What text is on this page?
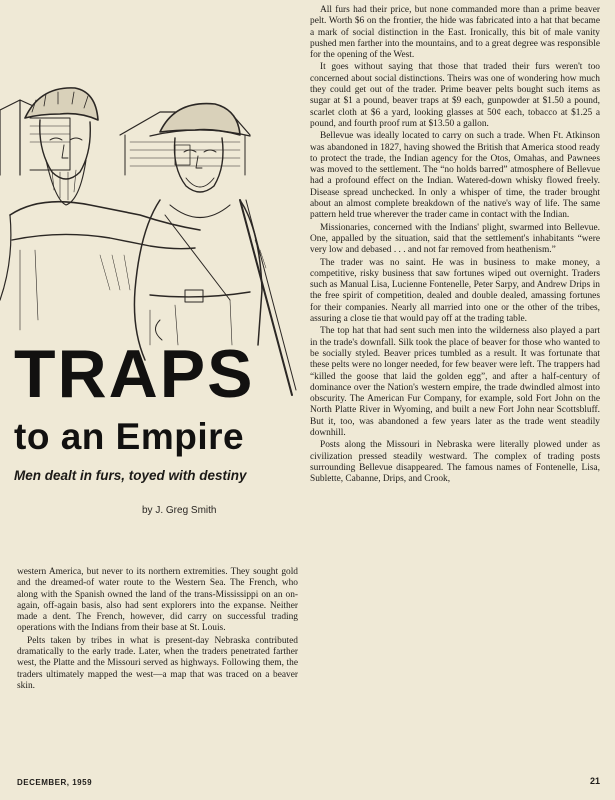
TRAPS
to an Empire

Men dealt in furs, toyed with destiny

by J. Greg Smith

western America, but never to its northern extremities. They sought gold and the dreamed-of water route to the Western Sea. The French, who along with the Spanish owned the land of the trans-Mississippi on an on-again, off-again basis, also had sent explorers into the expanse. Neither made a dent. The French, however, did carry on successful trading operations with the Indians from their base at St. Louis.

Pelts taken by tribes in what is present-day Nebraska contributed dramatically to the early trade. Later, when the traders penetrated farther west, the Platte and the Missouri served as highways. Following them, the traders ultimately mapped the west—a map that was traced on a beaver skin.

All furs had their price, but none commanded more than a prime beaver pelt. Worth $6 on the frontier, the hide was fabricated into a hat that became a mark of social distinction in the East. Ironically, this bit of male vanity pushed men farther into the mountains, and to a great degree was responsible for the opening of the West.

It goes without saying that those that traded their furs weren't too concerned about social distinctions. Theirs was one of wondering how much they could get out of the trader. Prime beaver pelts bought such items as sugar at $1 a pound, beaver traps at $9 each, gunpowder at $1.50 a pound, scarlet cloth at $6 a yard, looking glasses at 50¢ each, tobacco at $1.25 a pound, and fourth proof rum at $13.50 a gallon.

Bellevue was ideally located to carry on such a trade. When Ft. Atkinson was abandoned in 1827, having showed the British that America stood ready to protect the trade, the Indian agency for the Otos, Omahas, and Pawnees was moved to the settlement. The “no holds barred” atmosphere of Bellevue had a profound effect on the Indian. Watered-down whisky flowed freely. Disease spread unchecked. In only a whisper of time, the trader brought about an almost complete breakdown of the native's way of life. The same pattern held true wherever the trader came in contact with the Indian.

Missionaries, concerned with the Indians' plight, swarmed into Bellevue. One, appalled by the situation, said that the settlement's inhabitants “were very low and debased . . . and not far removed from heathenism.”

The trader was no saint. He was in business to make money, a competitive, risky business that saw fortunes wiped out overnight. Traders such as Manual Lisa, Lucienne Fontenelle, Peter Sarpy, and Andrew Drips in the free spirit of competition, dealed and double dealed, amassing fortunes for their companies. Nearly all married into one or the other of the tribes, assuring a close tie that would pay off at the trading table.

The top hat that had sent such men into the wilderness also played a part in the trade's downfall. Silk took the place of beaver for those who wanted to be socially styled. Beaver prices tumbled as a result. It was fortunate that these pelts were no longer needed, for few beaver were left. The trappers had “killed the goose that laid the golden egg”, and after a half-century of dominance over the Nation's western empire, the trade dwindled almost into obscurity. The American Fur Company, for example, sold Fort John on the North Platte River in Wyoming, and built a new Fort John near Scottsbluff. But it, too, was abandoned a few years later as the trade went steadily downhill.

Posts along the Missouri in Nebraska were literally plowed under as civilization pressed steadily westward. The complex of trading posts surrounding Bellevue disappeared. The famous names of Fontenelle, Lisa, Sublette, Cabanne, Drips, and Crook,

DECEMBER, 1959	21
